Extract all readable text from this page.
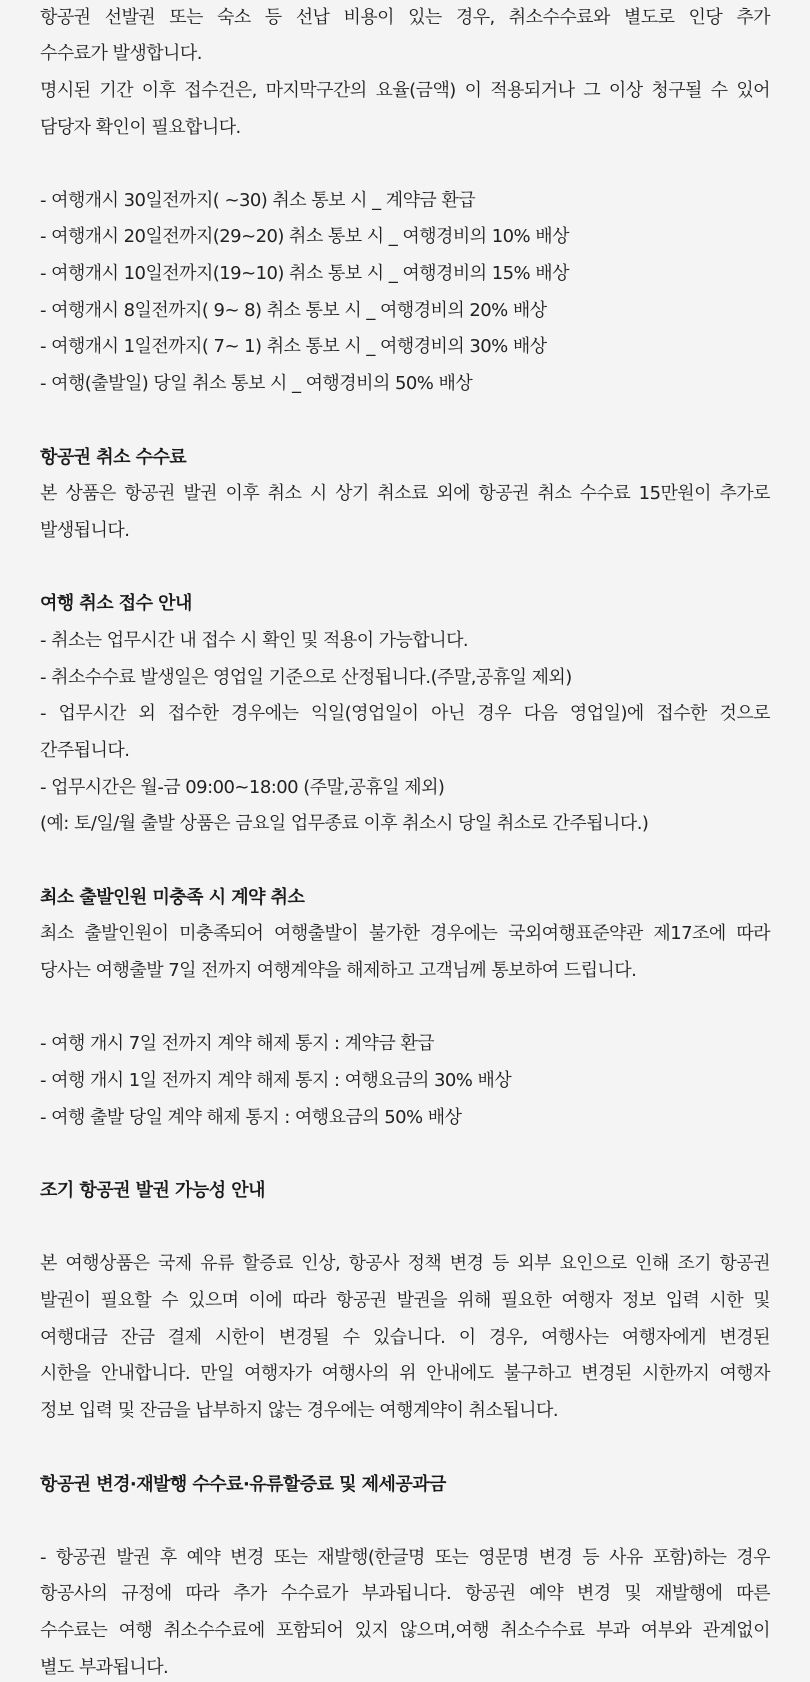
항공권 선발권 또는 숙소 등 선납 비용이 있는 경우, 취소수수료와 별도로 인당 추가
수수료가 발생합니다.
명시된 기간 이후 접수건은, 마지막구간의 요율(금액) 이 적용되거나 그 이상 청구될 수 있어
담당자 확인이 필요합니다.
- 여행개시 30일전까지( ~30) 취소 통보 시 _ 계약금 환급
- 여행개시 20일전까지(29~20) 취소 통보 시 _ 여행경비의 10% 배상
- 여행개시 10일전까지(19~10) 취소 통보 시 _ 여행경비의 15% 배상
- 여행개시 8일전까지( 9~ 8) 취소 통보 시 _ 여행경비의 20% 배상
- 여행개시 1일전까지( 7~ 1) 취소 통보 시 _ 여행경비의 30% 배상
- 여행(출발일) 당일 취소 통보 시 _ 여행경비의 50% 배상
항공권 취소 수수료
본 상품은 항공권 발권 이후 취소 시 상기 취소료 외에 항공권 취소 수수료 15만원이 추가로
발생됩니다.
여행 취소 접수 안내
- 취소는 업무시간 내 접수 시 확인 및 적용이 가능합니다.
- 취소수수료 발생일은 영업일 기준으로 산정됩니다.(주말,공휴일 제외)
- 업무시간 외 접수한 경우에는 익일(영업일이 아닌 경우 다음 영업일)에 접수한 것으로
간주됩니다.
- 업무시간은 월-금 09:00~18:00 (주말,공휴일 제외)
(예: 토/일/월 출발 상품은 금요일 업무종료 이후 취소시 당일 취소로 간주됩니다.)
최소 출발인원 미충족 시 계약 취소
최소 출발인원이 미충족되어 여행출발이 불가한 경우에는 국외여행표준약관 제17조에 따라
당사는 여행출발 7일 전까지 여행계약을 해제하고 고객님께 통보하여 드립니다.
- 여행 개시 7일 전까지 계약 해제 통지 : 계약금 환급
- 여행 개시 1일 전까지 계약 해제 통지 : 여행요금의 30% 배상
- 여행 출발 당일 계약 해제 통지 : 여행요금의 50% 배상
조기 항공권 발권 가능성 안내
본 여행상품은 국제 유류 할증료 인상, 항공사 정책 변경 등 외부 요인으로 인해 조기 항공권
발권이 필요할 수 있으며 이에 따라 항공권 발권을 위해 필요한 여행자 정보 입력 시한 및
여행대금 잔금 결제 시한이 변경될 수 있습니다. 이 경우, 여행사는 여행자에게 변경된
시한을 안내합니다. 만일 여행자가 여행사의 위 안내에도 불구하고 변경된 시한까지 여행자
정보 입력 및 잔금을 납부하지 않는 경우에는 여행계약이 취소됩니다.
항공권 변경·재발행 수수료·유류할증료 및 제세공과금
- 항공권 발권 후 예약 변경 또는 재발행(한글명 또는 영문명 변경 등 사유 포함)하는 경우
항공사의 규정에 따라 추가 수수료가 부과됩니다. 항공권 예약 변경 및 재발행에 따른
수수료는 여행 취소수수료에 포함되어 있지 않으며,여행 취소수수료 부과 여부와 관계없이
별도 부과됩니다.
